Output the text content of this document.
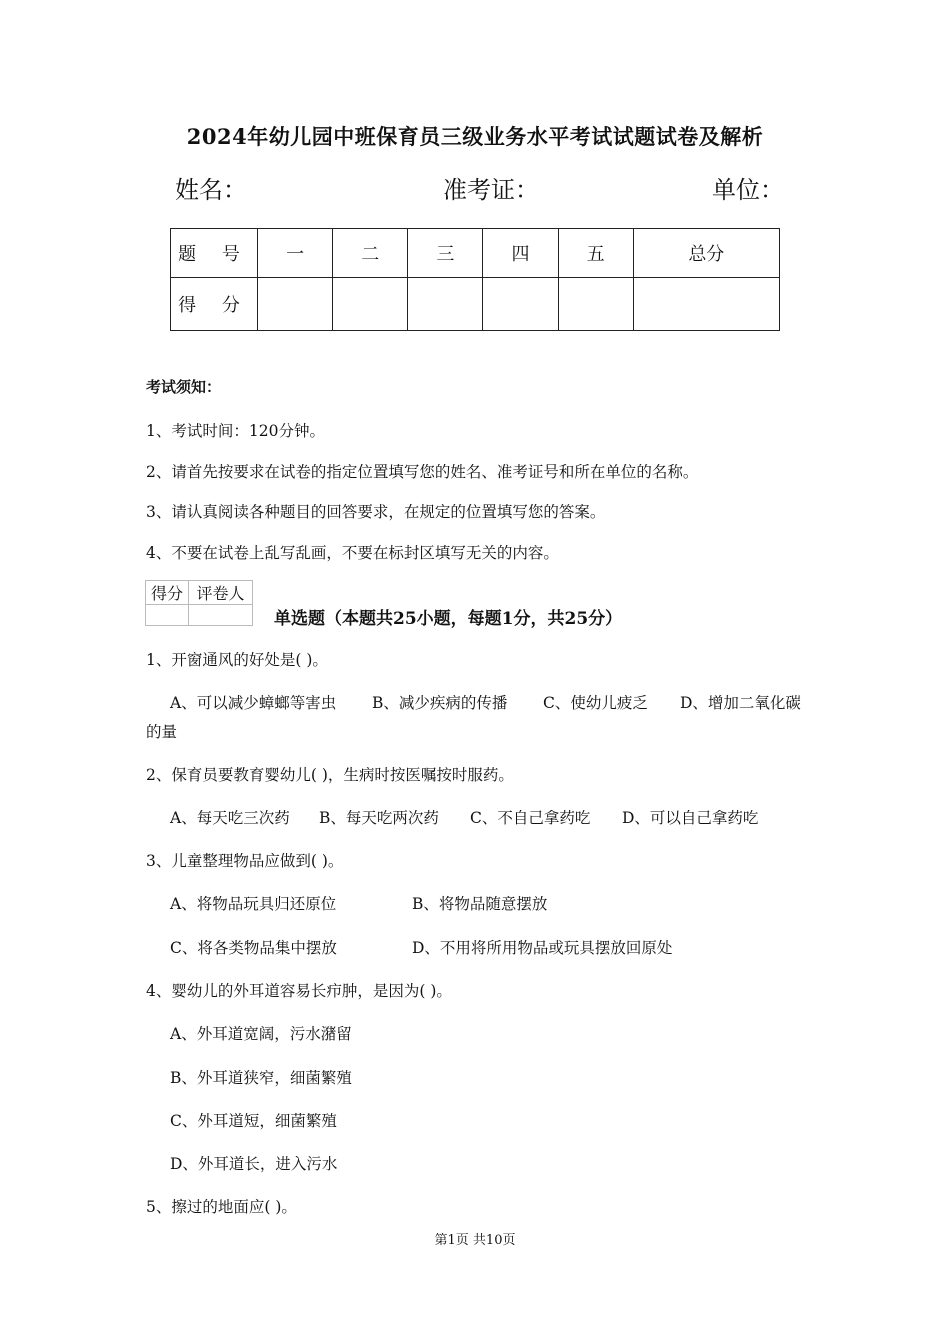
2024年幼儿园中班保育员三级业务水平考试试题试卷及解析
姓名：	准考证：	单位：
题 号	一	二	三	四	五	总分
得 分						
考试须知：
1、考试时间：120分钟。
2、请首先按要求在试卷的指定位置填写您的姓名、准考证号和所在单位的名称。
3、请认真阅读各种题目的回答要求，在规定的位置填写您的答案。
4、不要在试卷上乱写乱画，不要在标封区填写无关的内容。
得分	评卷人

单选题（本题共25小题，每题1分，共25分）
1、开窗通风的好处是( )。
A、可以减少蟑螂等害虫 B、减少疾病的传播 C、使幼儿疲乏 D、增加二氧化碳
的量
2、保育员要教育婴幼儿( )，生病时按医嘱按时服药。
A、每天吃三次药 B、每天吃两次药 C、不自己拿药吃 D、可以自己拿药吃
3、儿童整理物品应做到( )。
A、将物品玩具归还原位	B、将物品随意摆放
C、将各类物品集中摆放	D、不用将所用物品或玩具摆放回原处
4、婴幼儿的外耳道容易长疖肿，是因为( )。
A、外耳道宽阔，污水潴留
B、外耳道狭窄，细菌繁殖
C、外耳道短，细菌繁殖
D、外耳道长，进入污水
5、擦过的地面应( )。
第1页 共10页
